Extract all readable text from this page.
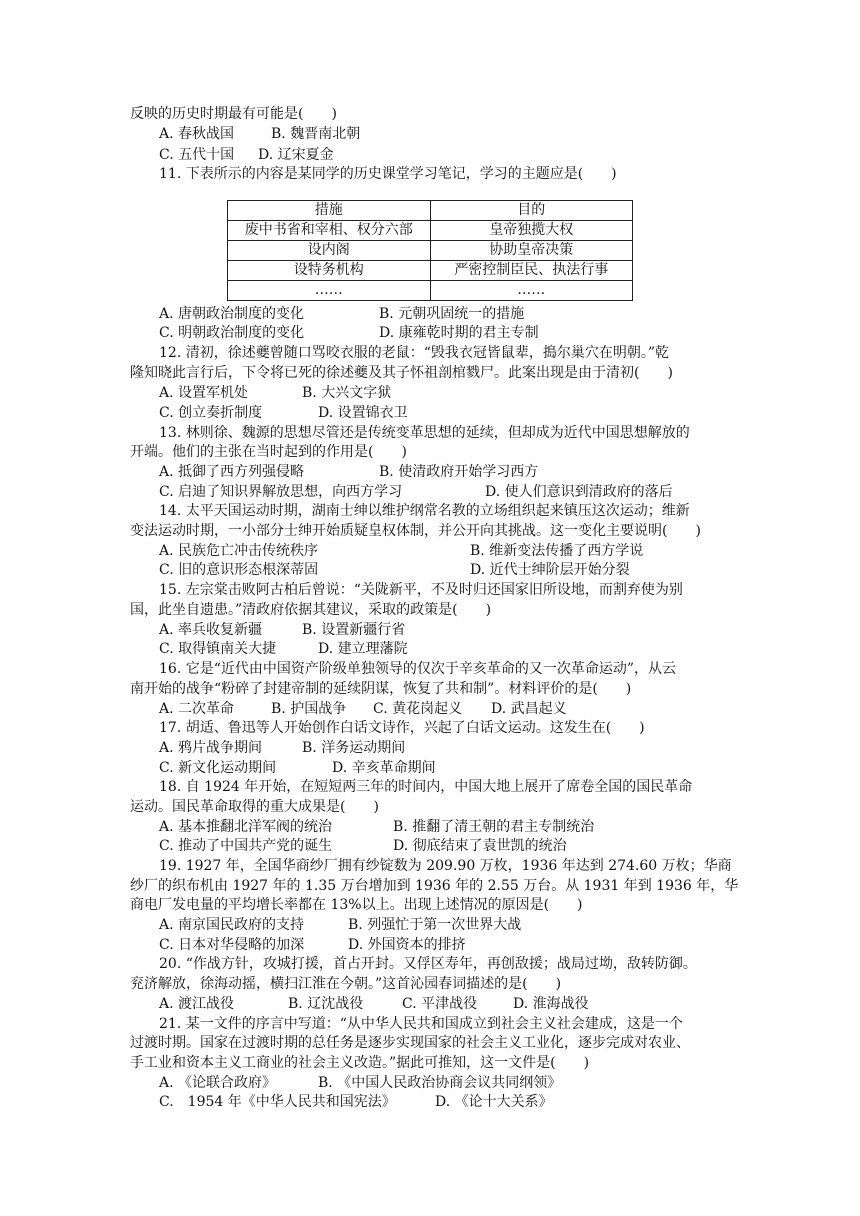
反映的历史时期最有可能是(　　)
A. 春秋战国	B. 魏晋南北朝
C. 五代十国 D. 辽宋夏金
11. 下表所示的内容是某同学的历史课堂学习笔记，学习的主题应是(　　)
措施	目的
废中书省和宰相、权分六部	皇帝独揽大权
设内阁	协助皇帝决策
设特务机构	严密控制臣民、执法行事
……	……
A. 唐朝政治制度的变化	B. 元朝巩固统一的措施
C. 明朝政治制度的变化	D. 康雍乾时期的君主专制
12. 清初，徐述夔曾随口骂咬衣服的老鼠：“毁我衣冠皆鼠辈，搗尔巢穴在明朝。”乾
隆知晓此言行后，下令将已死的徐述夔及其子怀祖剖棺戮尸。此案出现是由于清初(　　)
A. 设置军机处	B. 大兴文字狱
C. 创立奏折制度	D. 设置锦衣卫
13. 林则徐、魏源的思想尽管还是传统变革思想的延续，但却成为近代中国思想解放的
开端。他们的主张在当时起到的作用是(　　)
A. 抵御了西方列强侵略	B. 使清政府开始学习西方
C. 启迪了知识界解放思想，向西方学习	D. 使人们意识到清政府的落后
14. 太平天国运动时期，湖南士绅以维护纲常名教的立场组织起来镇压这次运动；维新
变法运动时期，一小部分士绅开始质疑皇权体制，并公开向其挑战。这一变化主要说明(　　)
A. 民族危亡冲击传统秩序	B. 维新变法传播了西方学说
C. 旧的意识形态根深蒂固	D. 近代士绅阶层开始分裂
15. 左宗棠击败阿古柏后曾说：“关陇新平，不及时归还国家旧所设地，而割弃使为别
国，此坐自遗患。”清政府依据其建议，采取的政策是(　　)
A. 率兵收复新疆	B. 设置新疆行省
C. 取得镇南关大捷	D. 建立理藩院
16. 它是“近代由中国资产阶级单独领导的仅次于辛亥革命的又一次革命运动”，从云
南开始的战争“粉碎了封建帝制的延续阴谋，恢复了共和制”。材料评价的是(　　)
A. 二次革命	B. 护国战争 C. 黄花岗起义 D. 武昌起义
17. 胡适、鲁迅等人开始创作白话文诗作，兴起了白话文运动。这发生在(　　)
A. 鸦片战争期间	B. 洋务运动期间
C. 新文化运动期间	D. 辛亥革命期间
18. 自 1924 年开始，在短短两三年的时间内，中国大地上展开了席卷全国的国民革命
运动。国民革命取得的重大成果是(　　)
A. 基本推翻北洋军阀的统治	B. 推翻了清王朝的君主专制统治
C. 推动了中国共产党的诞生	D. 彻底结束了袁世凯的统治
19. 1927 年，全国华商纱厂拥有纱锭数为 209.90 万枚，1936 年达到 274.60 万枚；华商
纱厂的织布机由 1927 年的 1.35 万台增加到 1936 年的 2.55 万台。从 1931 年到 1936 年，华
商电厂发电量的平均增长率都在 13%以上。出现上述情况的原因是(　　)
A. 南京国民政府的支持	B. 列强忙于第一次世界大战
C. 日本对华侵略的加深	D. 外国资本的排挤
20. “作战方针，攻城打援，首占开封。又俘区寿年，再创敌援；战局过坳，敌转防御。
兖济解放，徐海动摇，横扫江淮在今朝。”这首沁园春词描述的是(　　)
A. 渡江战役	B. 辽沈战役	C. 平津战役	D. 淮海战役
21. 某一文件的序言中写道：“从中华人民共和国成立到社会主义社会建成，这是一个
过渡时期。国家在过渡时期的总任务是逐步实现国家的社会主义工业化，逐步完成对农业、
手工业和资本主义工商业的社会主义改造。”据此可推知，这一文件是(　　)
A. 《论联合政府》	B. 《中国人民政治协商会议共同纲领》
C.　1954 年《中华人民共和国宪法》	D. 《论十大关系》
